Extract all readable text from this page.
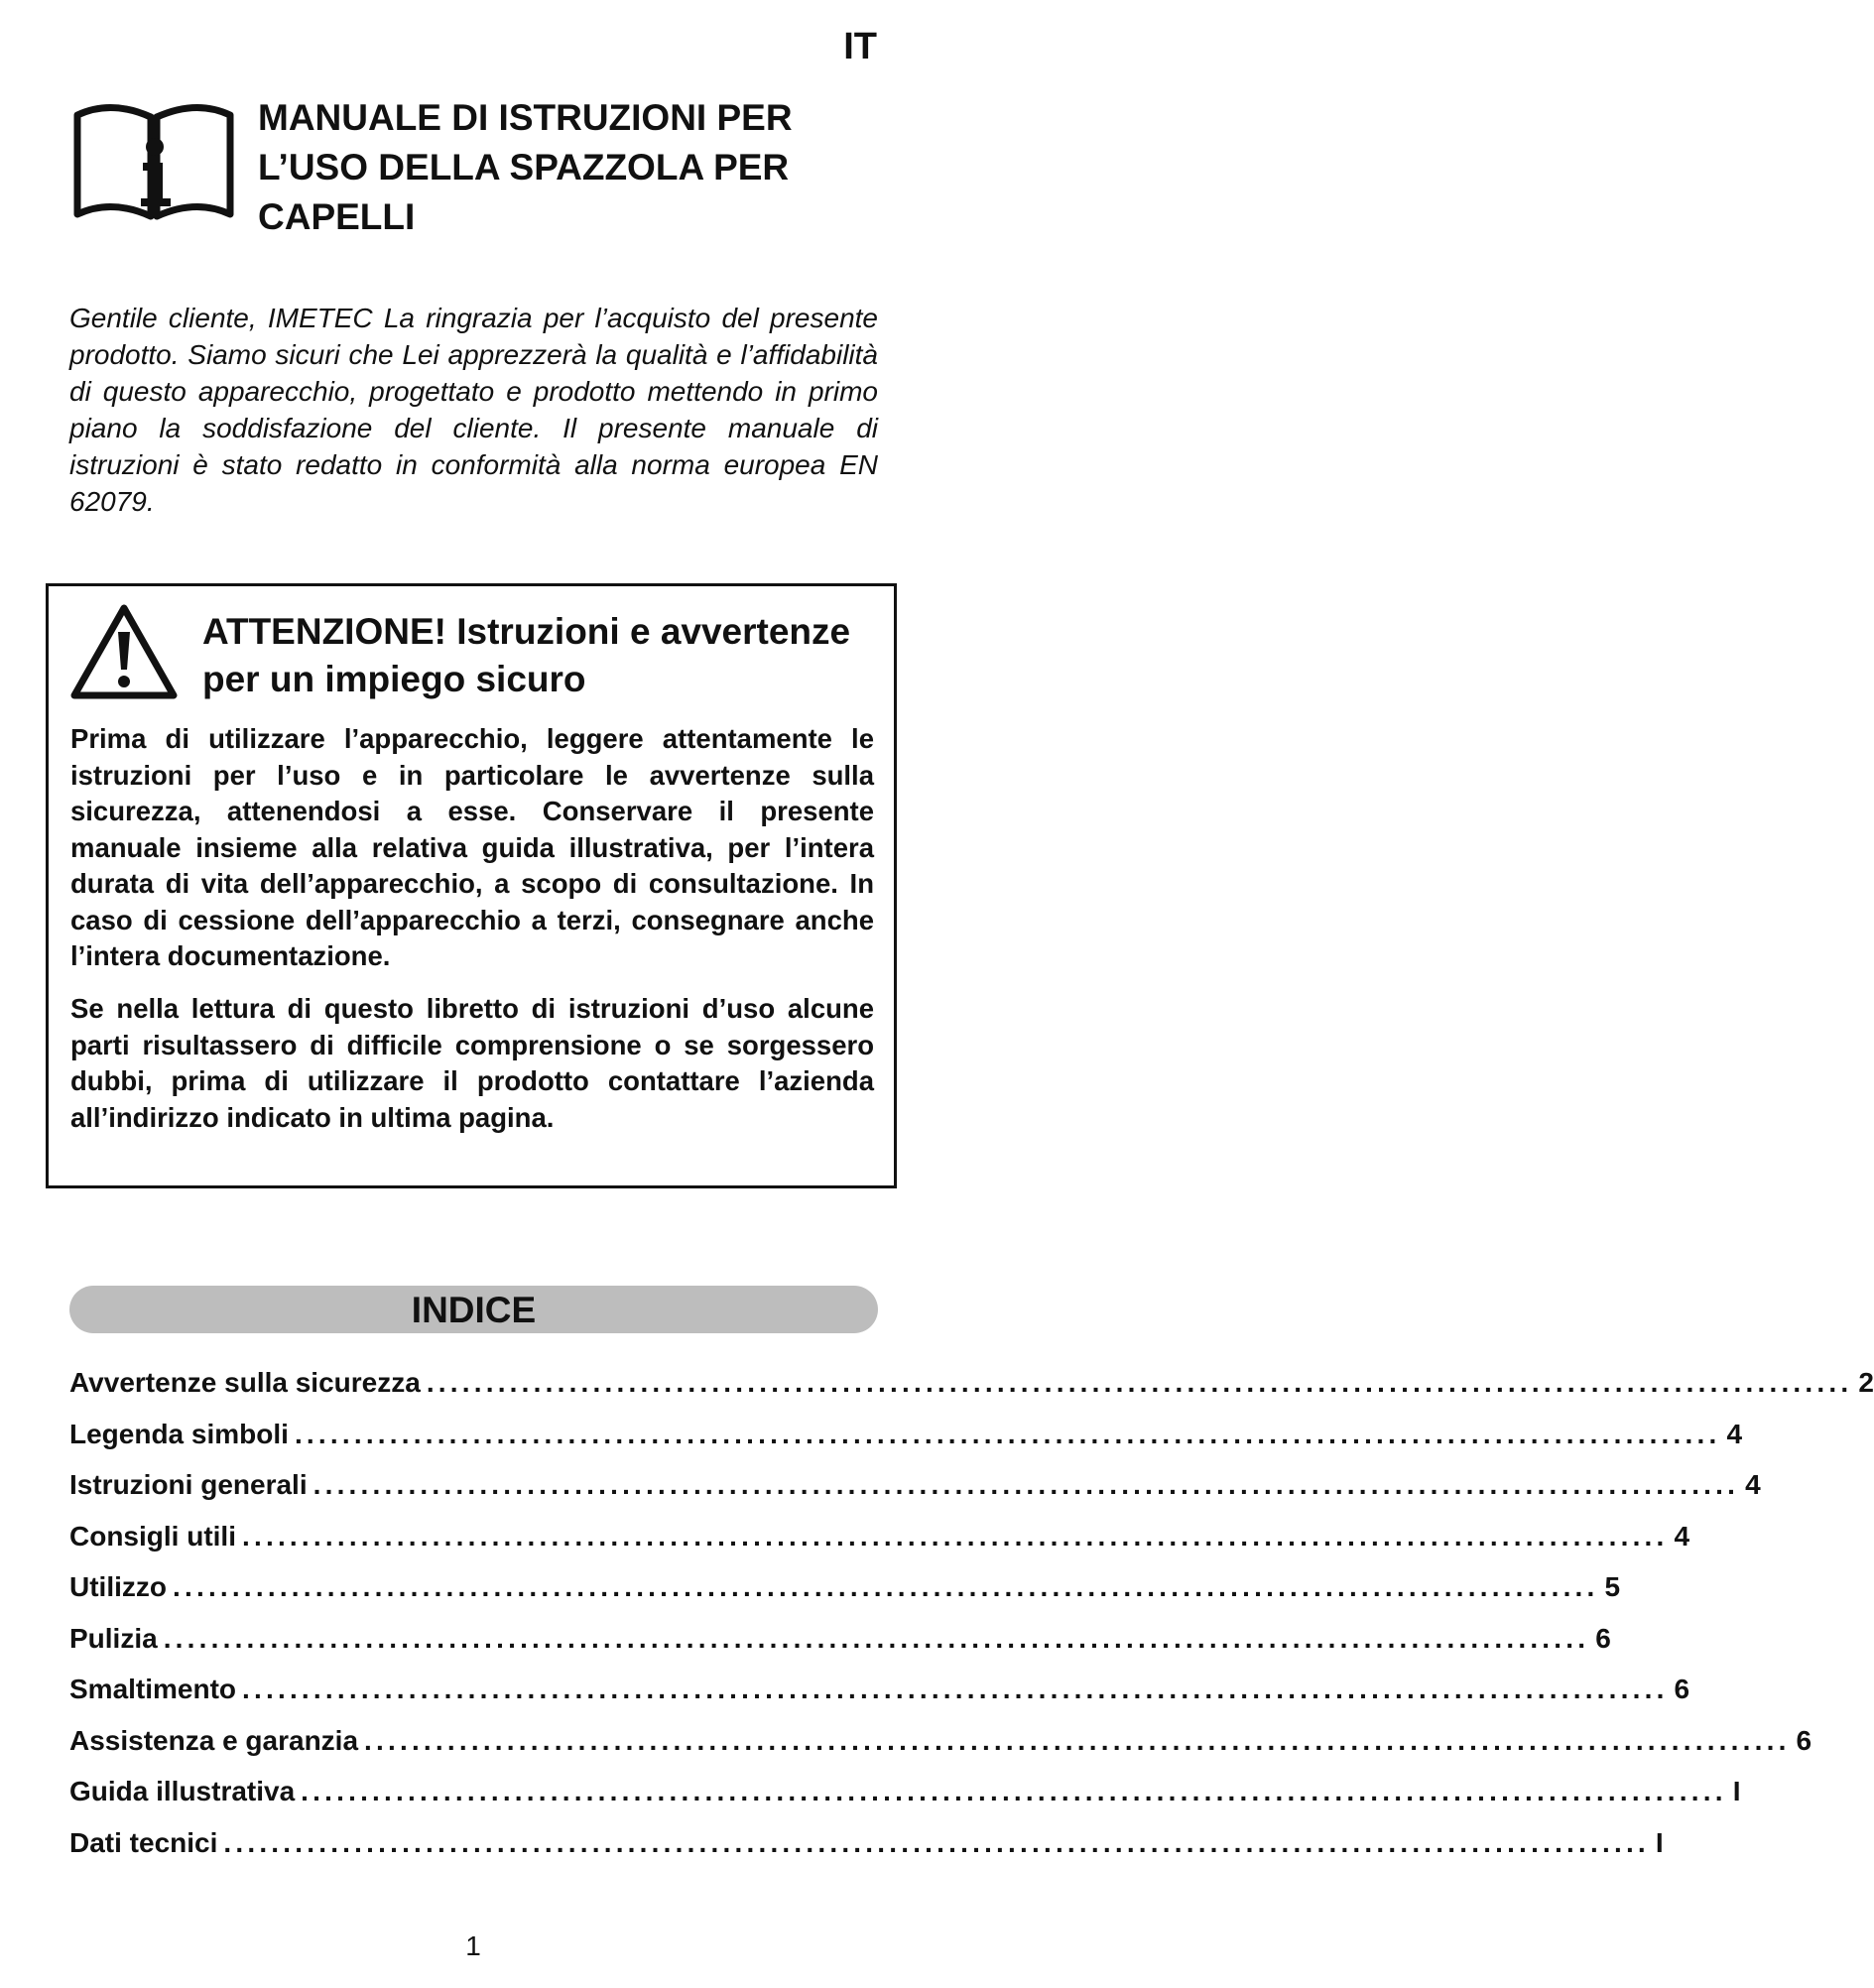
IT
MANUALE DI ISTRUZIONI PER L’USO DELLA SPAZZOLA PER CAPELLI

Gentile cliente, IMETEC La ringrazia per l’acquisto del presente prodotto. Siamo sicuri che Lei apprezzerà la qualità e l’affidabilità di questo apparecchio, progettato e prodotto mettendo in primo piano la soddisfazione del cliente. Il presente manuale di istruzioni è stato redatto in conformità alla norma europea EN 62079.

ATTENZIONE! Istruzioni e avvertenze per un impiego sicuro

Prima di utilizzare l’apparecchio, leggere attentamente le istruzioni per l’uso e in particolare le avvertenze sulla sicurezza, attenendosi a esse. Conservare il presente manuale insieme alla relativa guida illustrativa, per l’intera durata di vita dell’apparecchio, a scopo di consultazione. In caso di cessione dell’apparecchio a terzi, consegnare anche l’intera documentazione.

Se nella lettura di questo libretto di istruzioni d’uso alcune parti risultassero di difficile comprensione o se sorgessero dubbi, prima di utilizzare il prodotto contattare l’azienda all’indirizzo indicato in ultima pagina.

INDICE
Avvertenze sulla sicurezza ........................................................................................................................ 2
Legenda simboli ........................................................................................................................ 4
Istruzioni generali ........................................................................................................................ 4
Consigli utili ........................................................................................................................ 4
Utilizzo ........................................................................................................................ 5
Pulizia ........................................................................................................................ 6
Smaltimento ........................................................................................................................ 6
Assistenza e garanzia ........................................................................................................................ 6
Guida illustrativa ........................................................................................................................ I
Dati tecnici ........................................................................................................................ I
1
